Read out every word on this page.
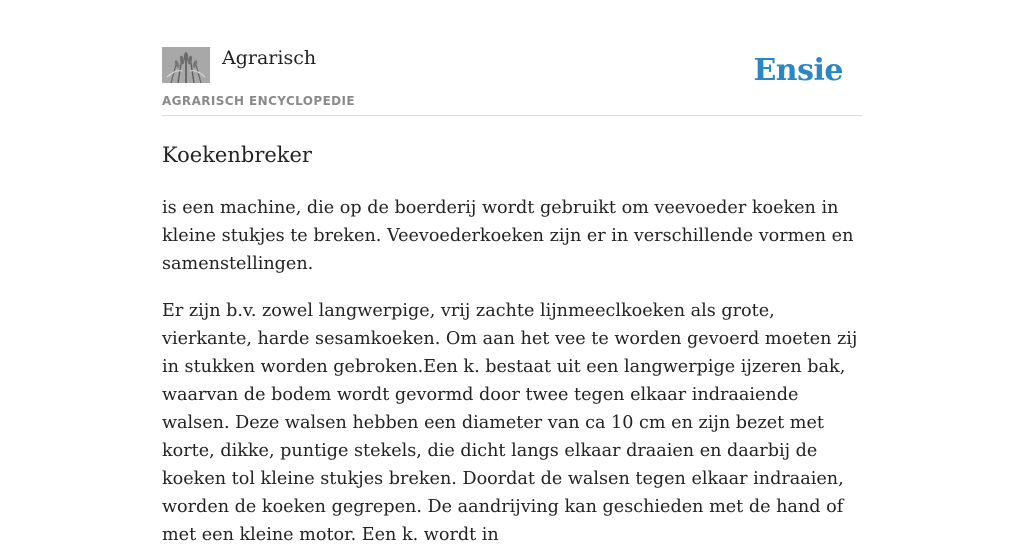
Agrarisch
AGRARISCH ENCYCLOPEDIE
Ensie
Koekenbreker

is een machine, die op de boerderij wordt gebruikt om veevoeder koeken in kleine stukjes te breken. Veevoederkoeken zijn er in verschillende vormen en samenstellingen.

Er zijn b.v. zowel langwerpige, vrij zachte lijnmeeclkoeken als grote, vierkante, harde sesamkoeken. Om aan het vee te worden gevoerd moeten zij in stukken worden gebroken.Een k. bestaat uit een langwerpige ijzeren bak, waarvan de bodem wordt gevormd door twee tegen elkaar indraaiende walsen. Deze walsen hebben een diameter van ca 10 cm en zijn bezet met korte, dikke, puntige stekels, die dicht langs elkaar draaien en daarbij de koeken tol kleine stukjes breken. Doordat de walsen tegen elkaar indraaien, worden de koeken gegrepen. De aandrijving kan geschieden met de hand of met een kleine motor. Een k. wordt in
